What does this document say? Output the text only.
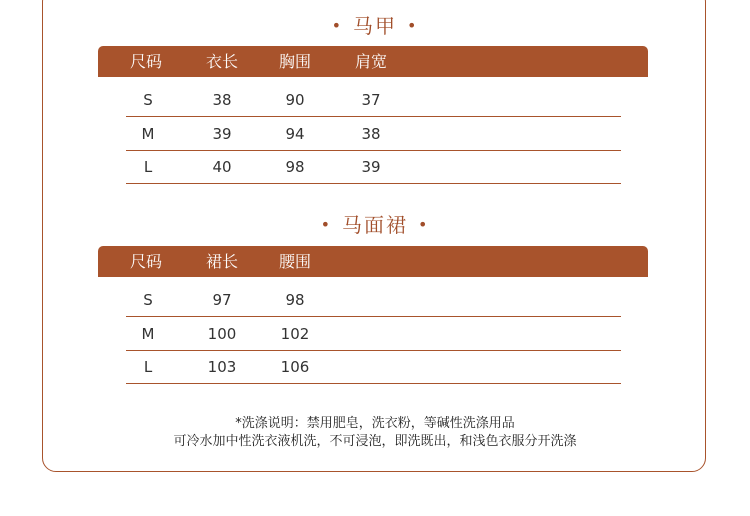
• 马甲 •
尺码	衣长	胸围	肩宽
S	38	90	37
M	39	94	38
L	40	98	39
• 马面裙 •
尺码	裙长	腰围
S	97	98
M	100	102
L	103	106
*洗涤说明：禁用肥皂，洗衣粉，等碱性洗涤用品
可冷水加中性洗衣液机洗，不可浸泡，即洗既出，和浅色衣服分开洗涤
